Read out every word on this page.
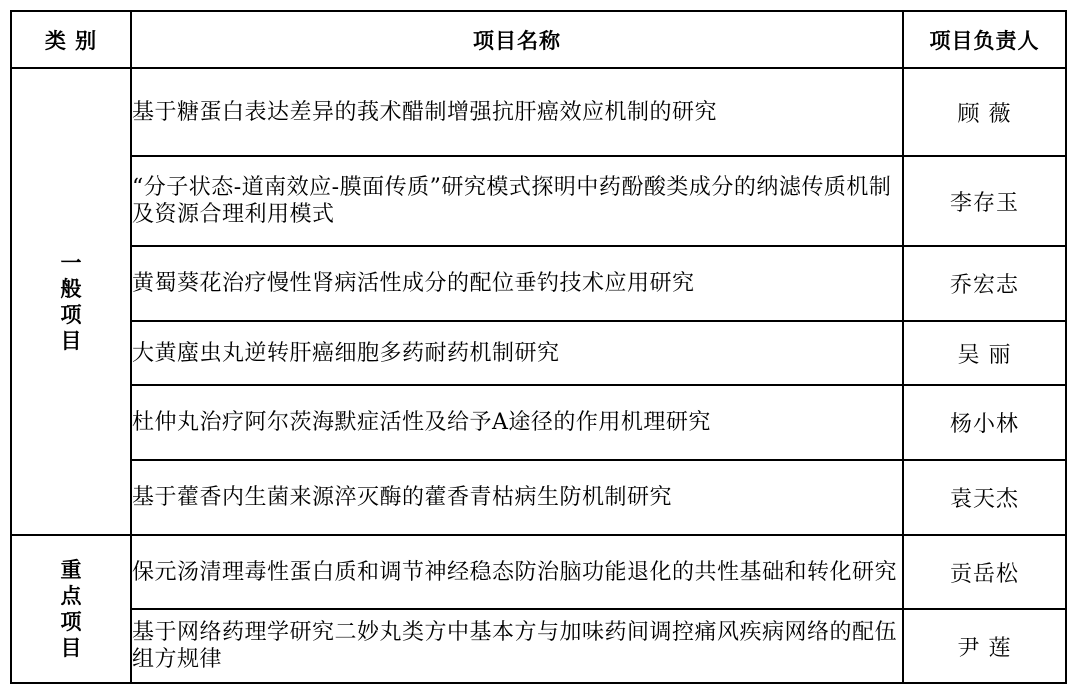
类 别	项目名称	项目负责人
一般项目	基于糖蛋白表达差异的莪术醋制增强抗肝癌效应机制的研究	顾 薇
	“分子状态-道南效应-膜面传质”研究模式探明中药酚酸类成分的纳滤传质机制及资源合理利用模式	李存玉
	黄蜀葵花治疗慢性肾病活性成分的配位垂钓技术应用研究	乔宏志
	大黄䗪虫丸逆转肝癌细胞多药耐药机制研究	吴 丽
	杜仲丸治疗阿尔茨海默症活性及给予A途径的作用机理研究	杨小林
	基于藿香内生菌来源淬灭酶的藿香青枯病生防机制研究	袁天杰
重点项目	保元汤清理毒性蛋白质和调节神经稳态防治脑功能退化的共性基础和转化研究	贡岳松
	基于网络药理学研究二妙丸类方中基本方与加味药间调控痛风疾病网络的配伍组方规律	尹 莲
